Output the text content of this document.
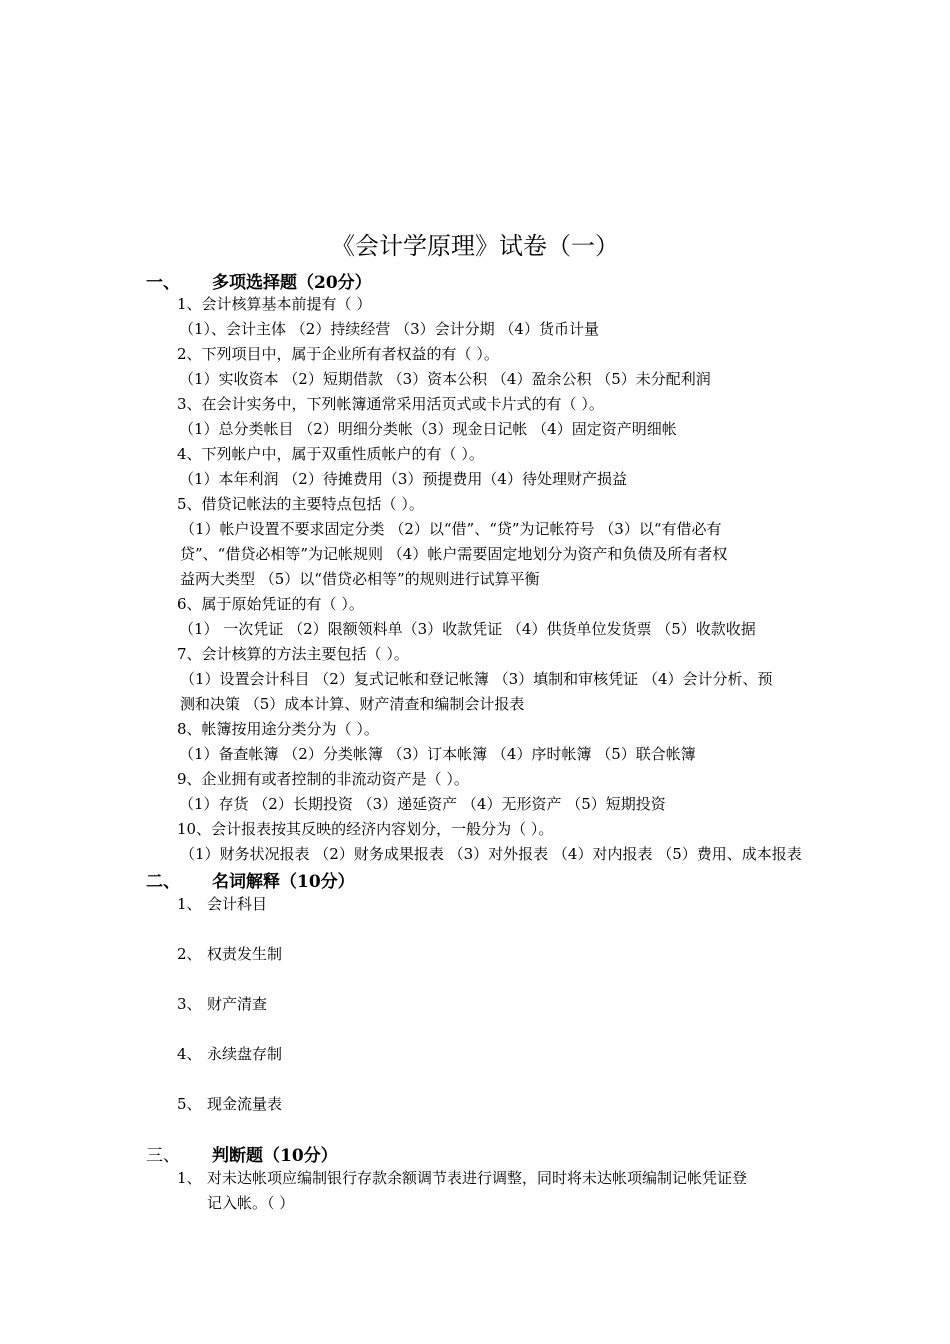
《会计学原理》试卷（一）
一、 多项选择题（20分）
1、会计核算基本前提有（ ）
（1）、会计主体 （2）持续经营 （3）会计分期 （4）货币计量
2、下列项目中，属于企业所有者权益的有（ ）。
（1）实收资本 （2）短期借款 （3）资本公积 （4）盈余公积 （5）未分配利润
3、在会计实务中，下列帐簿通常采用活页式或卡片式的有（ ）。
（1）总分类帐目 （2）明细分类帐（3）现金日记帐 （4）固定资产明细帐
4、下列帐户中，属于双重性质帐户的有（ ）。
（1）本年利润 （2）待摊费用（3）预提费用（4）待处理财产损益
5、借贷记帐法的主要特点包括（ ）。
（1）帐户设置不要求固定分类 （2）以“借”、“贷”为记帐符号 （3）以“有借必有
贷”、“借贷必相等”为记帐规则 （4）帐户需要固定地划分为资产和负债及所有者权
益两大类型 （5）以“借贷必相等”的规则进行试算平衡
6、属于原始凭证的有（ ）。
（1） 一次凭证 （2）限额领料单（3）收款凭证 （4）供货单位发货票 （5）收款收据
7、会计核算的方法主要包括（ ）。
（1）设置会计科目 （2）复式记帐和登记帐簿 （3）填制和审核凭证 （4）会计分析、预
测和决策 （5）成本计算、财产清查和编制会计报表
8、帐簿按用途分类分为（ ）。
（1）备查帐簿 （2）分类帐簿 （3）订本帐簿 （4）序时帐簿 （5）联合帐簿
9、企业拥有或者控制的非流动资产是（ ）。
（1）存货 （2）长期投资 （3）递延资产 （4）无形资产 （5）短期投资
10、会计报表按其反映的经济内容划分，一般分为（ ）。
（1）财务状况报表 （2）财务成果报表 （3）对外报表 （4）对内报表 （5）费用、成本报表
二、 名词解释（10分）
1、 会计科目
2、 权责发生制
3、 财产清查
4、 永续盘存制
5、 现金流量表
三、 判断题（10分）
1、 对未达帐项应编制银行存款余额调节表进行调整，同时将未达帐项编制记帐凭证登
记入帐。（ ）
